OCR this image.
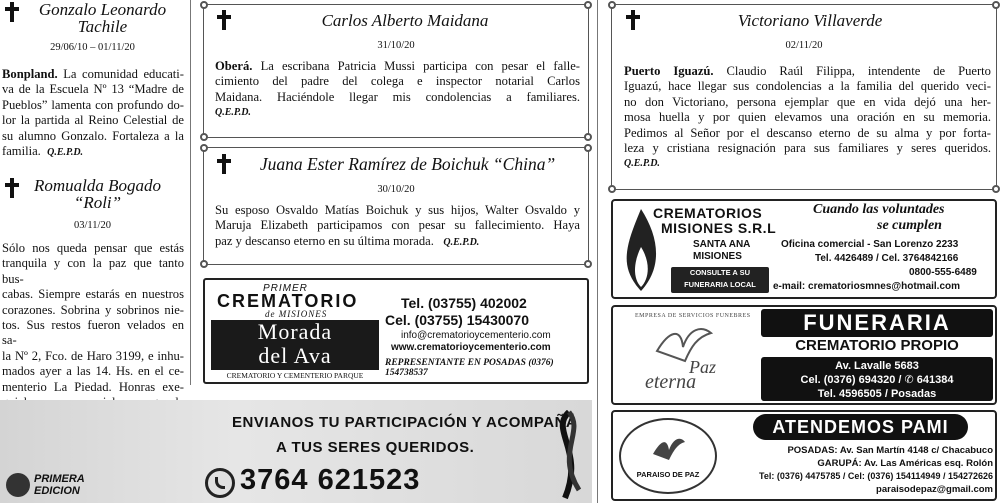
Gonzalo Leonardo
Tachile
29/06/10 – 01/11/20
Bonpland. La comunidad educati-
va de la Escuela Nº 13 “Madre de
Pueblos” lamenta con profundo do-
lor la partida al Reino Celestial de
su alumno Gonzalo. Fortaleza a la
familia. Q.E.P.D.
Romualda Bogado
“Roli”
03/11/20
Sólo nos queda pensar que estás
tranquila y con la paz que tanto bus-
cabas. Siempre estarás en nuestros
corazones. Sobrina y sobrinos nie-
tos. Sus restos fueron velados en sa-
la Nº 2, Fco. de Haro 3199, e inhu-
mados ayer a las 14. Hs. en el ce-
menterio La Piedad. Honras exe-

Carlos Alberto Maidana
31/10/20
Oberá. La escribana Patricia Mussi participa con pesar el falle-
cimiento del padre del colega e inspector notarial Carlos
Maidana. Haciéndole llegar mis condolencias a familiares.
Q.E.P.D.
Juana Ester Ramírez de Boichuk “China”
30/10/20
Su esposo Osvaldo Matías Boichuk y sus hijos, Walter Osvaldo y
Maruja Elizabeth participamos con pesar su fallecimiento. Haya
paz y descanso eterno en su última morada. Q.E.P.D.
PRIMER
CREMATORIO
de MISIONES
Morada
del Ava
CREMATORIO Y CEMENTERIO PARQUE
Tel. (03755) 402002
Cel. (03755) 15430070
info@crematorioycementerio.com
www.crematorioycementerio.com
REPRESENTANTE EN POSADAS (0376) 154738537
ENVIANOS TU PARTICIPACIÓN Y ACOMPAÑÁ
A TUS SERES QUERIDOS.
3764 621523
PRIMERA
EDICION
Victoriano Villaverde
02/11/20
Puerto Iguazú. Claudio Raúl Filippa, intendente de Puerto
Iguazú, hace llegar sus condolencias a la familia del querido veci-
no don Victoriano, persona ejemplar que en vida dejó una her-
mosa huella y por quien elevamos una oración en su memoria.
Pedimos al Señor por el descanso eterno de su alma y por forta-
leza y cristiana resignación para sus familiares y seres queridos.
Q.E.P.D.
CREMATORIOS
MISIONES S.R.L
SANTA ANA
MISIONES
CONSULTE A SU
FUNERARIA LOCAL
Cuando las voluntades
se cumplen
Oficina comercial - San Lorenzo 2233
Tel. 4426489 / Cel. 3764842166
0800-555-6489
e-mail: crematoriosmnes@hotmail.com
EMPRESA DE SERVICIOS FUNEBRES
Paz
eterna
FUNERARIA
CREMATORIO PROPIO
Av. Lavalle 5683
Cel. (0376) 694320 / ✆ 641384
Tel. 4596505 / Posadas
PARAISO DE PAZ
ATENDEMOS PAMI
POSADAS: Av. San Martín 4148 c/ Chacabuco
GARUPÁ: Av. Las Américas esq. Rolón
Tel: (0376) 4475785 / Cel: (0376) 154114949 / 154272626
paraisodepaz@gmail.com
